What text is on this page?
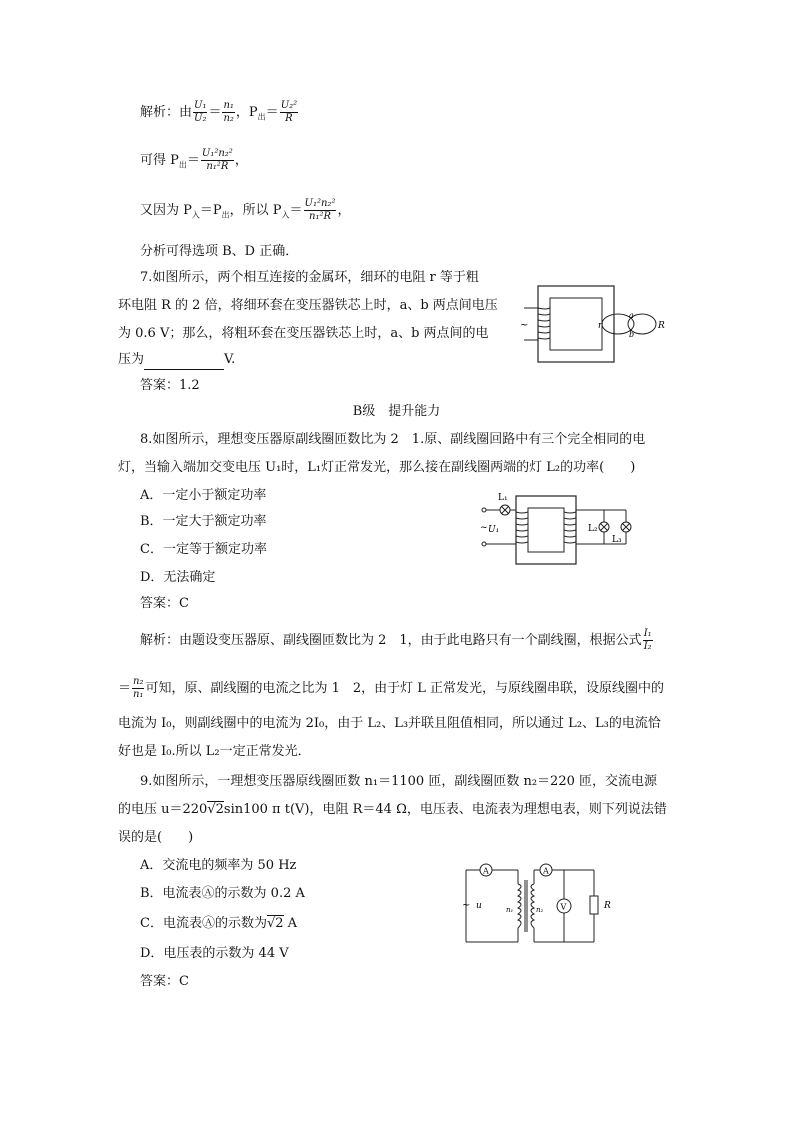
解析：由 $\frac{\text{U₁}}{\text{U₂}} = \frac{\text{n₁}}{\text{n₂}}$ ，$P_出= \frac{\text{U₂²}}{R}$
可得 $P_出= \frac{\text{U₁²n₂²}}{\text{n₁²R}}$ ，
又因为 $P_入=P_出$，所以 $P_入= \frac{\text{U₁²n₂²}}{\text{n₁²R}}$ ，
分析可得选项 B、D 正确．
7.如图所示，两个相互连接的金属环，细环的电阻 r 等于粗
环电阻 R 的 2 倍，将细环套在变压器铁芯上时，a、b 两点间电压
为 0.6 V；那么，将粗环套在变压器铁芯上时，a、b 两点间的电
压为	V.
答案：1.2
~	r
a
b
R
B级　提升能力
8.如图所示，理想变压器原副线圈匝数比为 2　1.原、副线圈回路中有三个完全相同的电
灯，当输入端加交变电压 U₁时，L₁灯正常发光，那么接在副线圈两端的灯 L₂的功率(　　)
A．一定小于额定功率
B．一定大于额定功率
C．一定等于额定功率
D．无法确定
答案：C
L₁
~ U₁	L₂
L₃
解析：由题设变压器原、副线圈匝数比为 2　1，由于此电路只有一个副线圈，根据公式 $\frac{\text{I₁}}{\text{I₂}}$
＝ $\frac{\text{n₂}}{\text{n₁}}$ 可知，原、副线圈的电流之比为 1　2，由于灯 L 正常发光，与原线圈串联，设原线圈中的
电流为 I₀，则副线圈中的电流为 2I₀，由于 L₂、L₃并联且阻值相同，所以通过 L₂、L₃的电流恰
好也是 I₀.所以 L₂一定正常发光．
9.如图所示，一理想变压器原线圈匝数 n₁＝1100 匝，副线圈匝数 n₂＝220 匝，交流电源
的电压 u＝220√2sin100 π t(V)，电阻 R＝44 Ω，电压表、电流表为理想电表，则下列说法错
误的是(　　)
A．交流电的频率为 50 Hz
B．电流表Ⓐ的示数为 0.2 A
C．电流表Ⓐ的示数为√2 A
D．电压表的示数为 44 V
答案：C
A
~ u	n₁	n₂
A
V	R
